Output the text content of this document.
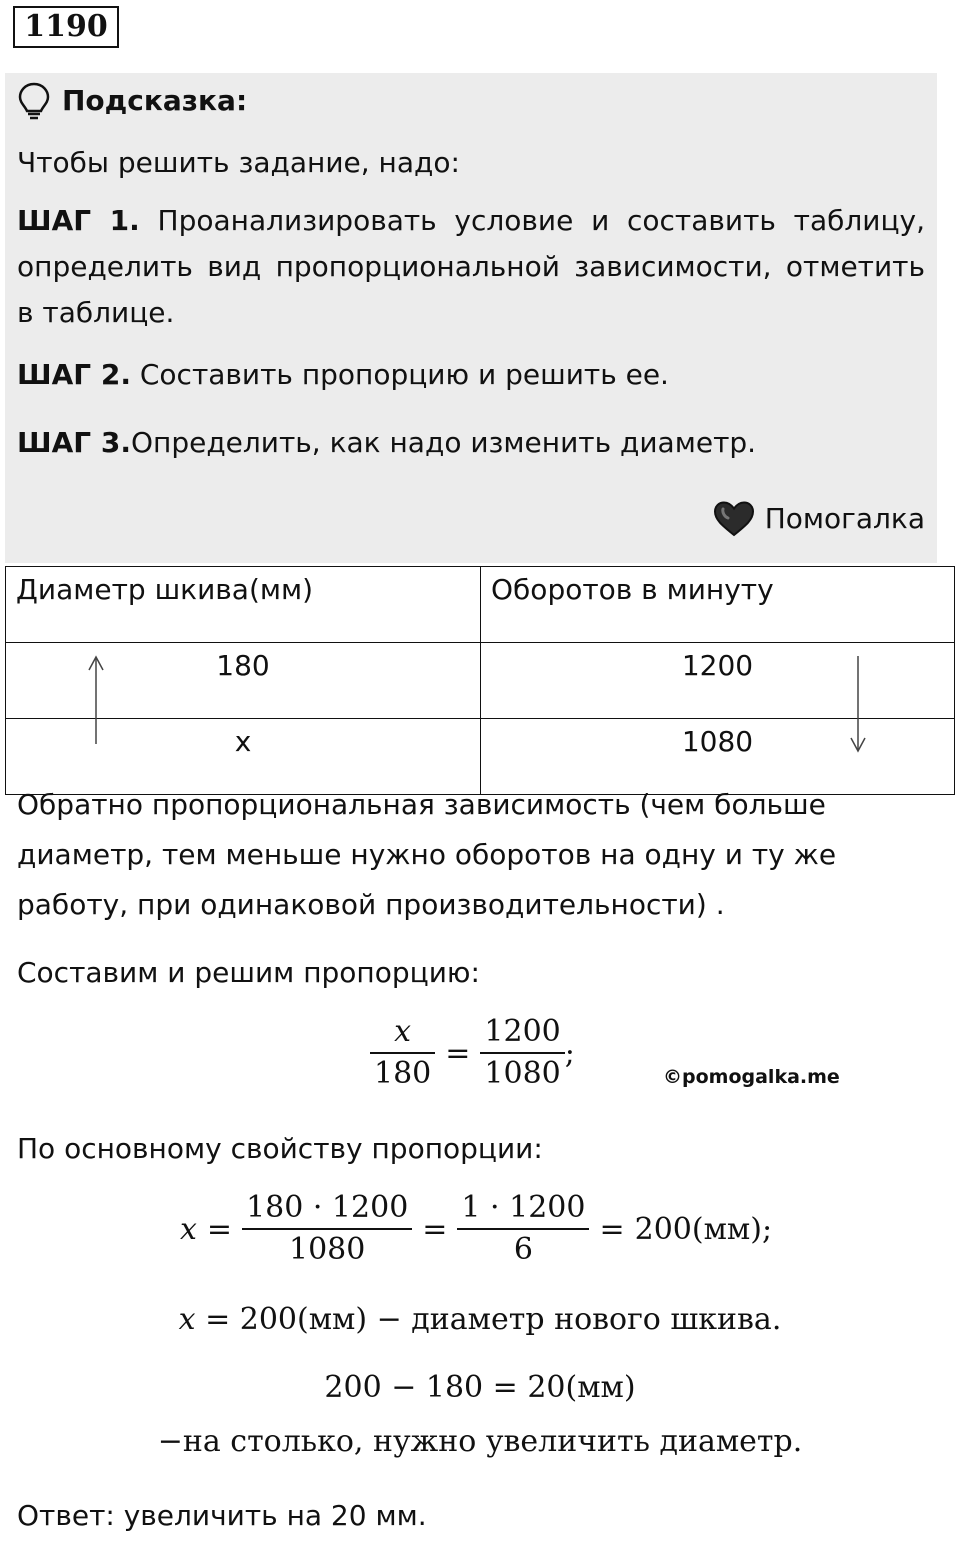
1190
Подсказка:
Чтобы решить задание, надо:
ШАГ 1. Проанализировать условие и составить таблицу, определить вид пропорциональной зависимости, отметить в таблице.
ШАГ 2. Составить пропорцию и решить ее.
ШАГ 3.Определить, как надо изменить диаметр.
Помогалка
Диаметр шкива(мм)	Оборотов в минуту
180	1200
x	1080
Обратно пропорциональная зависимость (чем больше диаметр, тем меньше нужно оборотов на одну и ту же работу, при одинаковой производительности) .
Составим и решим пропорцию:
$\frac{x}{180} = \frac{1200}{1080}$ ;
©pomogalka.me
По основному свойству пропорции:
$x = \frac{180 \cdot 1200}{1080} = \frac{1 \cdot 1200}{6} = 200(мм)$;
x = 200(мм) − диаметр нового шкива.
200 − 180 = 20(мм)
−на столько, нужно увеличить диаметр.
Ответ: увеличить на 20 мм.
